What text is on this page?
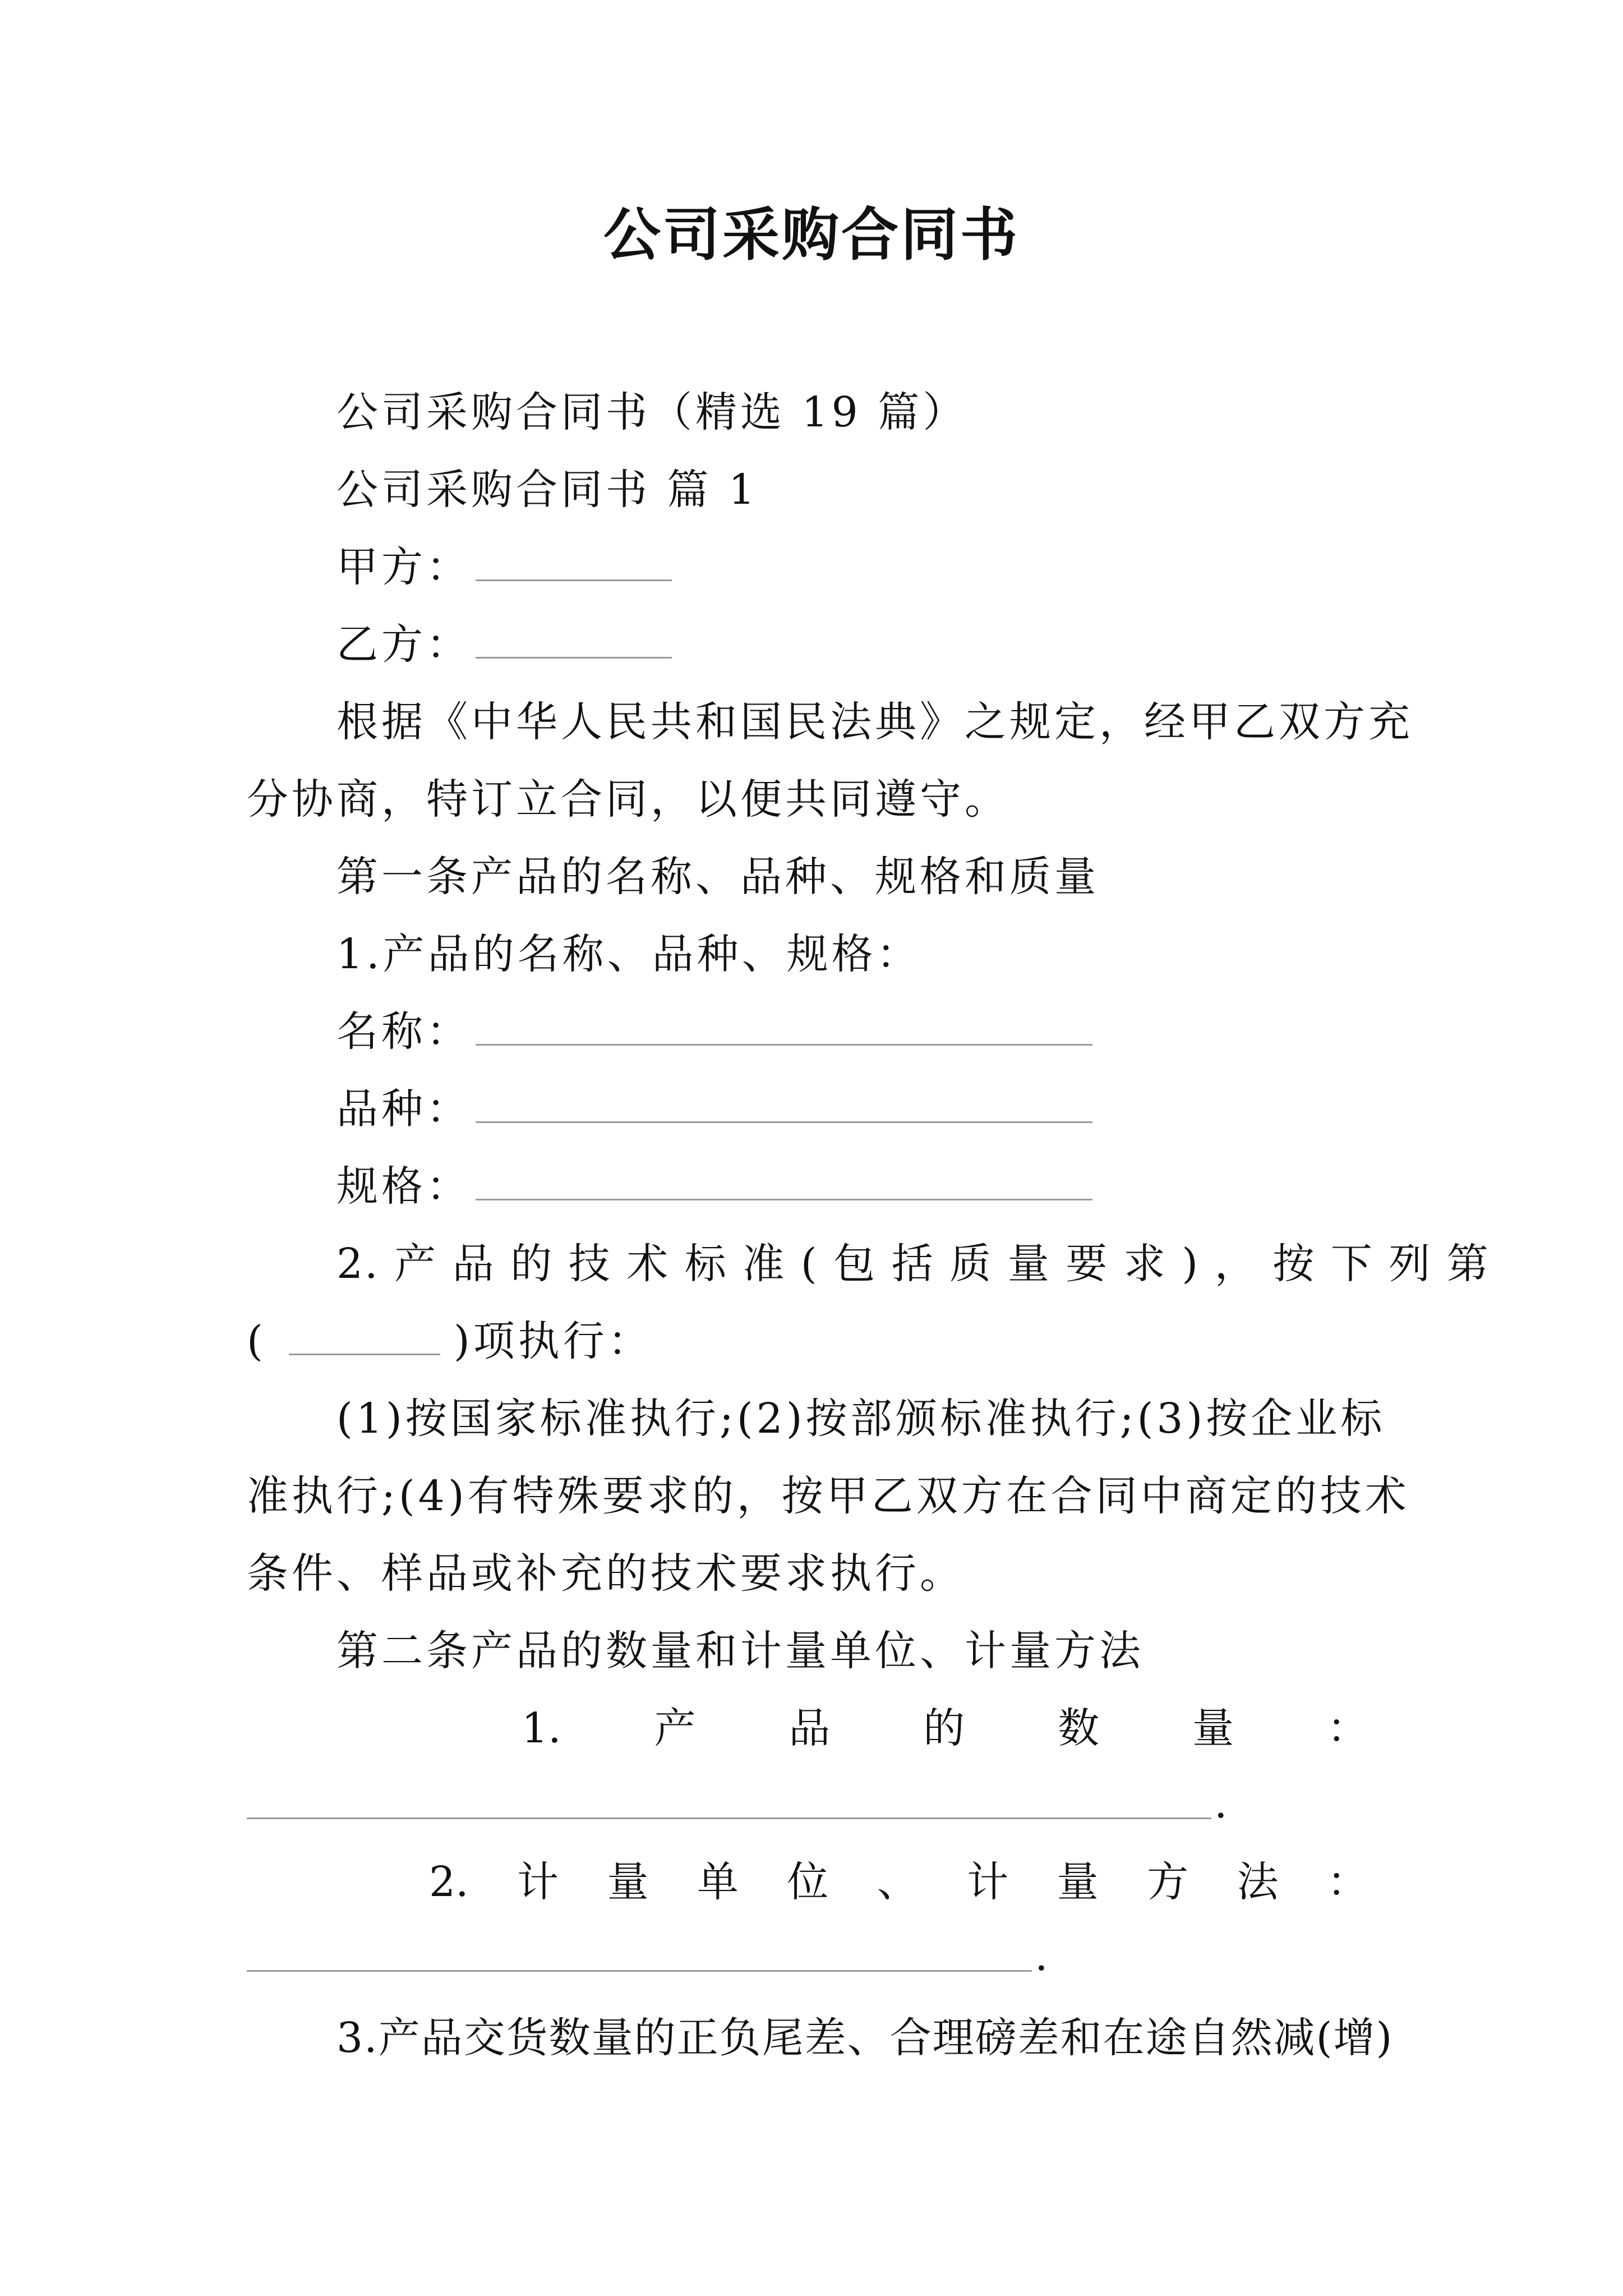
公司采购合同书
公司采购合同书（精选 19 篇）
公司采购合同书 篇 1
甲方：
乙方：
根据《中华人民共和国民法典》之规定，经甲乙双方充
分协商，特订立合同，以便共同遵守。
第一条产品的名称、品种、规格和质量
1.产品的名称、品种、规格：
名称：
品种：
规格：
2. 产 品 的 技 术 标 准 ( 包 括 质 量 要 求 ) ， 按 下 列 第
(	)项执行：
(1)按国家标准执行;(2)按部颁标准执行;(3)按企业标
准执行;(4)有特殊要求的，按甲乙双方在合同中商定的技术
条件、样品或补充的技术要求执行。
第二条产品的数量和计量单位、计量方法
1. 产 品 的 数 量 ：
.
2. 计 量 单 位 、 计 量 方 法 ：
.
3.产品交货数量的正负尾差、合理磅差和在途自然减(增)
